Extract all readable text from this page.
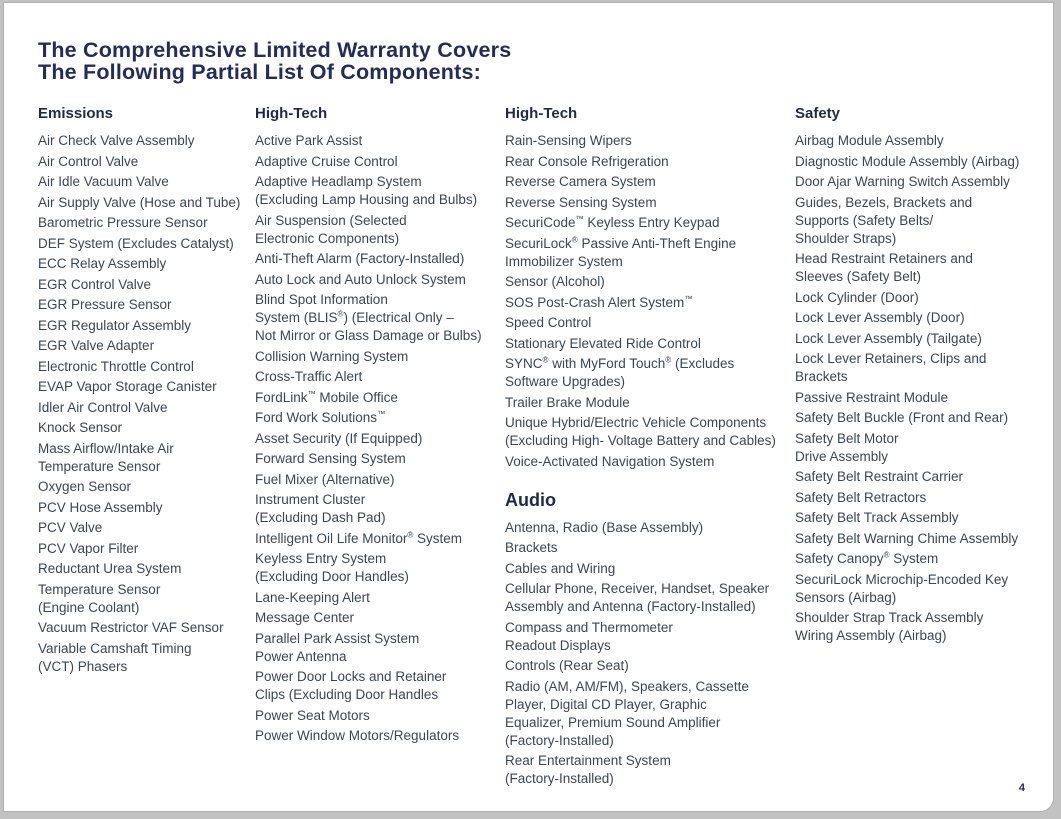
The Comprehensive Limited Warranty Covers
The Following Partial List Of Components:
Emissions
Air Check Valve Assembly
Air Control Valve
Air Idle Vacuum Valve
Air Supply Valve (Hose and Tube)
Barometric Pressure Sensor
DEF System (Excludes Catalyst)
ECC Relay Assembly
EGR Control Valve
EGR Pressure Sensor
EGR Regulator Assembly
EGR Valve Adapter
Electronic Throttle Control
EVAP Vapor Storage Canister
Idler Air Control Valve
Knock Sensor
Mass Airflow/Intake Air
Temperature Sensor
Oxygen Sensor
PCV Hose Assembly
PCV Valve
PCV Vapor Filter
Reductant Urea System
Temperature Sensor
(Engine Coolant)
Vacuum Restrictor VAF Sensor
Variable Camshaft Timing
(VCT) Phasers
High-Tech
Active Park Assist
Adaptive Cruise Control
Adaptive Headlamp System
(Excluding Lamp Housing and Bulbs)
Air Suspension (Selected
Electronic Components)
Anti-Theft Alarm (Factory-Installed)
Auto Lock and Auto Unlock System
Blind Spot Information
System (BLIS®) (Electrical Only –
Not Mirror or Glass Damage or Bulbs)
Collision Warning System
Cross-Traffic Alert
FordLink™ Mobile Office
Ford Work Solutions™
Asset Security (If Equipped)
Forward Sensing System
Fuel Mixer (Alternative)
Instrument Cluster
(Excluding Dash Pad)
Intelligent Oil Life Monitor® System
Keyless Entry System
(Excluding Door Handles)
Lane-Keeping Alert
Message Center
Parallel Park Assist System
Power Antenna
Power Door Locks and Retainer
Clips (Excluding Door Handles
Power Seat Motors
Power Window Motors/Regulators
High-Tech
Rain-Sensing Wipers
Rear Console Refrigeration
Reverse Camera System
Reverse Sensing System
SecuriCode™ Keyless Entry Keypad
SecuriLock® Passive Anti-Theft Engine
Immobilizer System
Sensor (Alcohol)
SOS Post-Crash Alert System™
Speed Control
Stationary Elevated Ride Control
SYNC® with MyFord Touch® (Excludes
Software Upgrades)
Trailer Brake Module
Unique Hybrid/Electric Vehicle Components
(Excluding High- Voltage Battery and Cables)
Voice-Activated Navigation System
Audio
Antenna, Radio (Base Assembly)
Brackets
Cables and Wiring
Cellular Phone, Receiver, Handset, Speaker
Assembly and Antenna (Factory-Installed)
Compass and Thermometer
Readout Displays
Controls (Rear Seat)
Radio (AM, AM/FM), Speakers, Cassette
Player, Digital CD Player, Graphic
Equalizer, Premium Sound Amplifier
(Factory-Installed)
Rear Entertainment System
(Factory-Installed)
Safety
Airbag Module Assembly
Diagnostic Module Assembly (Airbag)
Door Ajar Warning Switch Assembly
Guides, Bezels, Brackets and
Supports (Safety Belts/
Shoulder Straps)
Head Restraint Retainers and
Sleeves (Safety Belt)
Lock Cylinder (Door)
Lock Lever Assembly (Door)
Lock Lever Assembly (Tailgate)
Lock Lever Retainers, Clips and
Brackets
Passive Restraint Module
Safety Belt Buckle (Front and Rear)
Safety Belt Motor
Drive Assembly
Safety Belt Restraint Carrier
Safety Belt Retractors
Safety Belt Track Assembly
Safety Belt Warning Chime Assembly
Safety Canopy® System
SecuriLock Microchip-Encoded Key
Sensors (Airbag)
Shoulder Strap Track Assembly
Wiring Assembly (Airbag)
4
